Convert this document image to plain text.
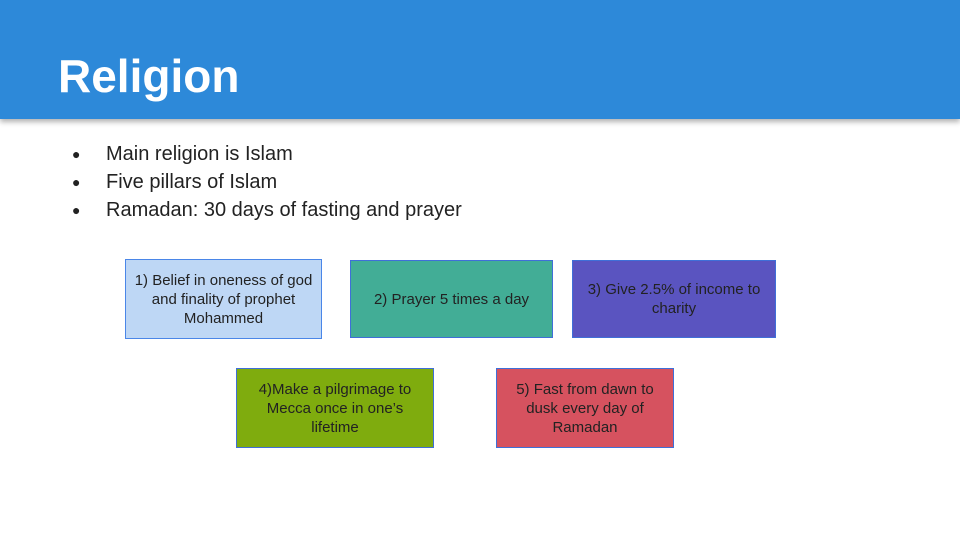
Religion
●	Main religion is Islam
●	Five pillars of Islam
●	Ramadan: 30 days of fasting and prayer
1) Belief in oneness of god and finality of prophet Mohammed
2) Prayer 5 times a day
3) Give 2.5% of income to charity
4)Make a pilgrimage to Mecca once in one’s lifetime
5) Fast from dawn to dusk every day of Ramadan
